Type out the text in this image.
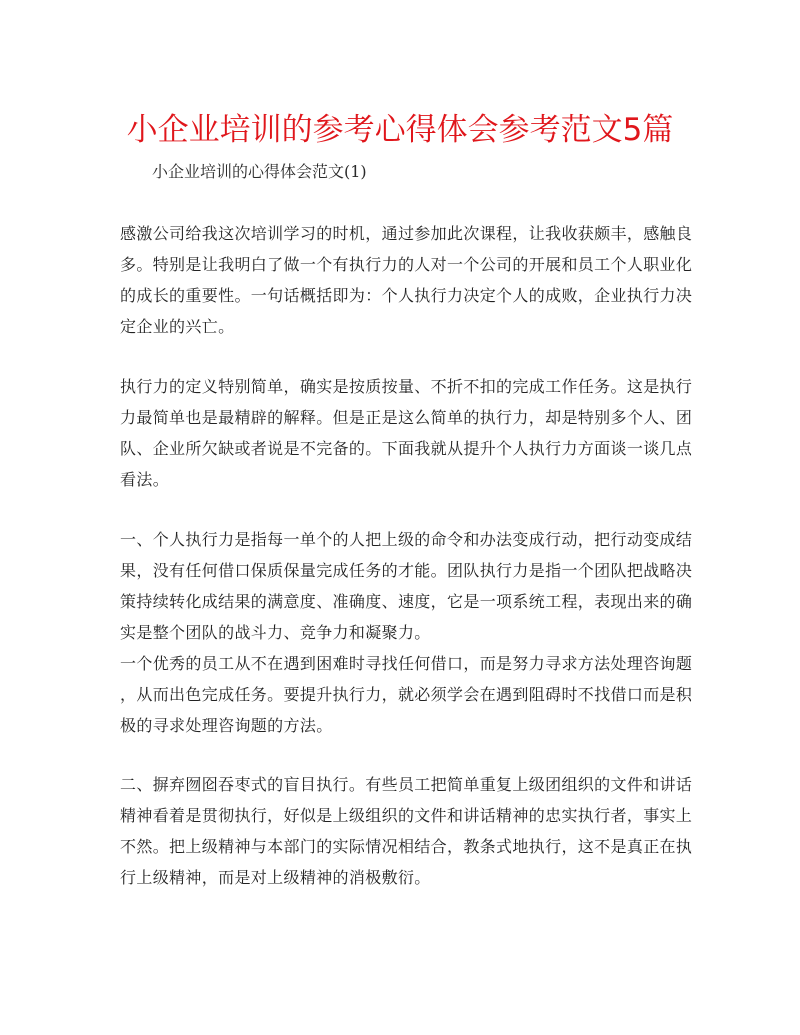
小企业培训的参考心得体会参考范文5篇
小企业培训的心得体会范文(1)
感激公司给我这次培训学习的时机，通过参加此次课程，让我收获颇丰，感触良
多。特别是让我明白了做一个有执行力的人对一个公司的开展和员工个人职业化
的成长的重要性。一句话概括即为：个人执行力决定个人的成败，企业执行力决
定企业的兴亡。
执行力的定义特别简单，确实是按质按量、不折不扣的完成工作任务。这是执行
力最简单也是最精辟的解释。但是正是这么简单的执行力，却是特别多个人、团
队、企业所欠缺或者说是不完备的。下面我就从提升个人执行力方面谈一谈几点
看法。
一、个人执行力是指每一单个的人把上级的命令和办法变成行动，把行动变成结
果，没有任何借口保质保量完成任务的才能。团队执行力是指一个团队把战略决
策持续转化成结果的满意度、准确度、速度，它是一项系统工程，表现出来的确
实是整个团队的战斗力、竞争力和凝聚力。
一个优秀的员工从不在遇到困难时寻找任何借口，而是努力寻求方法处理咨询题
，从而出色完成任务。要提升执行力，就必须学会在遇到阻碍时不找借口而是积
极的寻求处理咨询题的方法。
二、摒弃囫囵吞枣式的盲目执行。有些员工把简单重复上级团组织的文件和讲话
精神看着是贯彻执行，好似是上级组织的文件和讲话精神的忠实执行者，事实上
不然。把上级精神与本部门的实际情况相结合，教条式地执行，这不是真正在执
行上级精神，而是对上级精神的消极敷衍。
